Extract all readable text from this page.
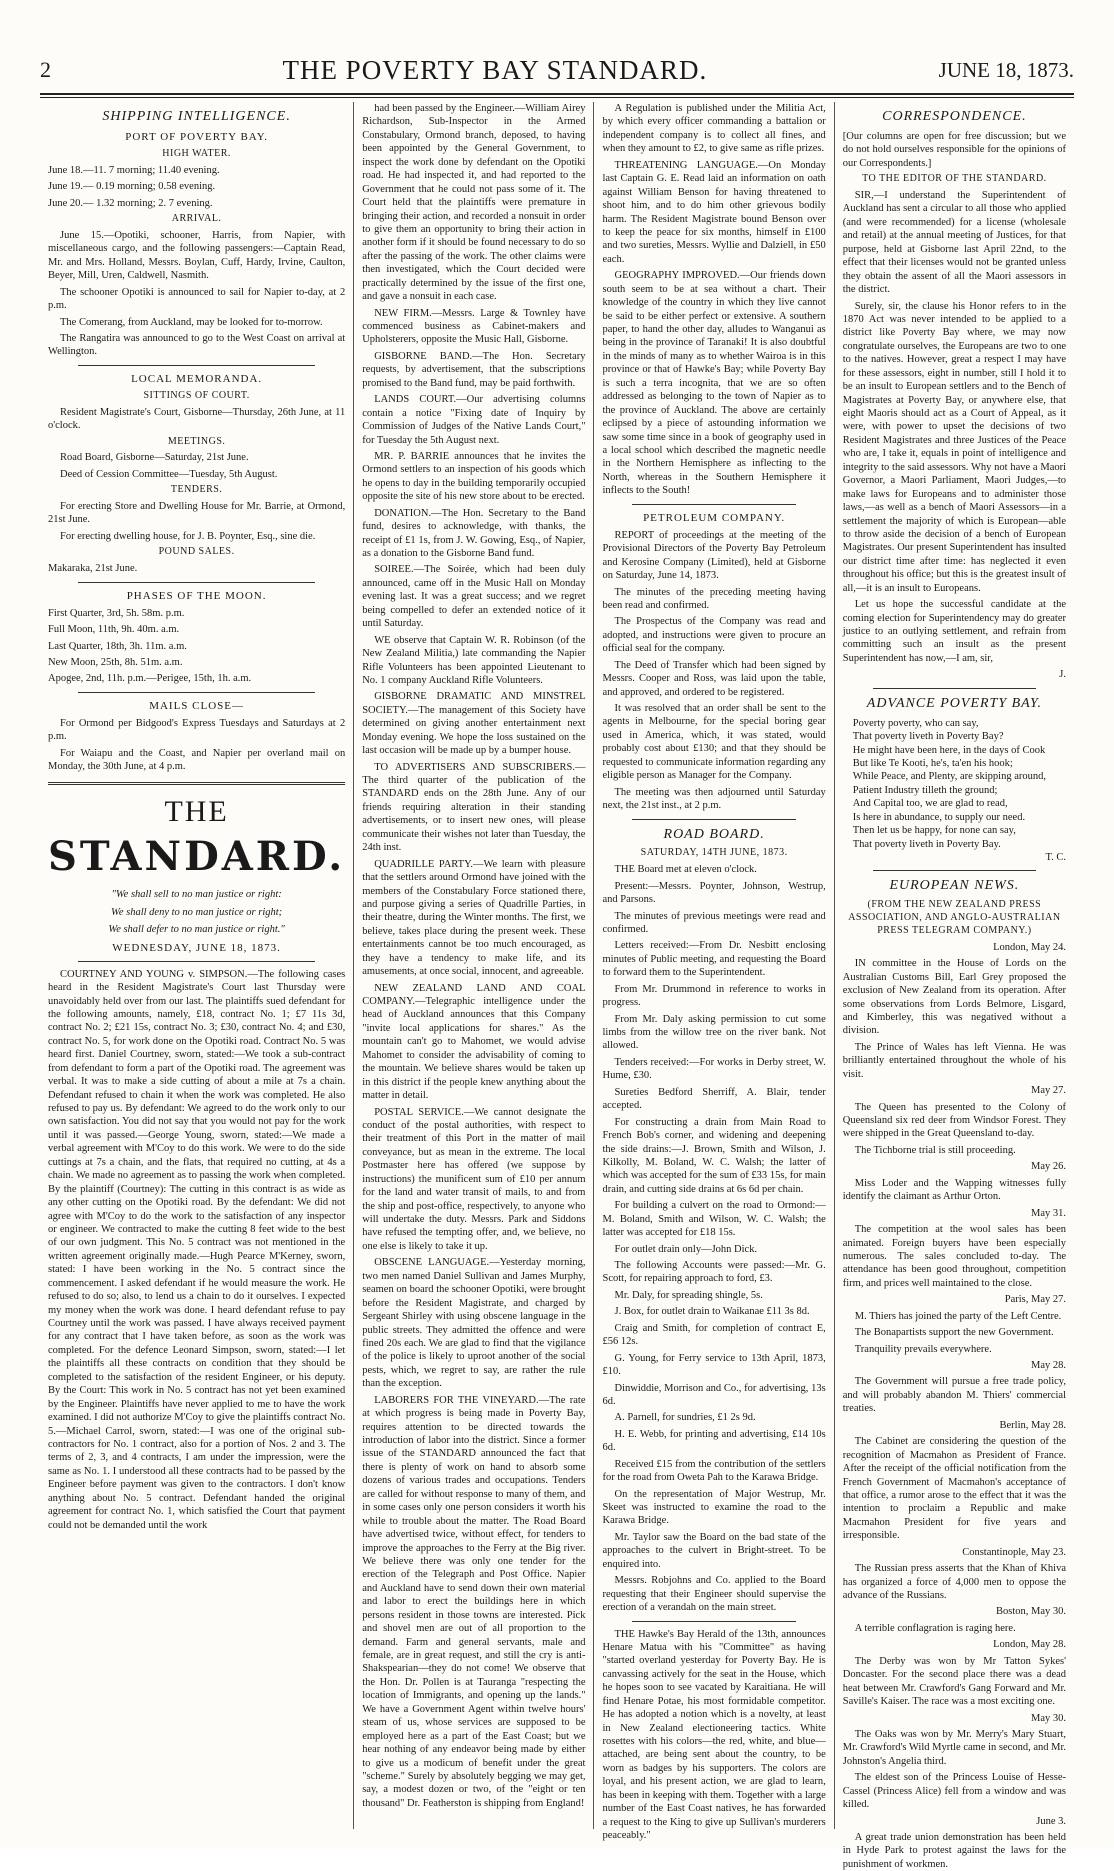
2	THE POVERTY BAY STANDARD.	JUNE 18, 1873.
SHIPPING INTELLIGENCE.
PORT OF POVERTY BAY.
HIGH WATER.

June 18.—11. 7 morning; 11.40 evening.

June 19.— 0.19 morning; 0.58 evening.

June 20.— 1.32 morning; 2. 7 evening.

ARRIVAL.

June 15.—Opotiki, schooner, Harris, from Napier, with miscellaneous cargo, and the following passengers:—Captain Read, Mr. and Mrs. Holland, Messrs. Boylan, Cuff, Hardy, Irvine, Caulton, Beyer, Mill, Uren, Caldwell, Nasmith.

The schooner Opotiki is announced to sail for Napier to-day, at 2 p.m.

The Comerang, from Auckland, may be looked for to-morrow.

The Rangatira was announced to go to the West Coast on arrival at Wellington.

LOCAL MEMORANDA.
SITTINGS OF COURT.

Resident Magistrate's Court, Gisborne—Thursday, 26th June, at 11 o'clock.

MEETINGS.

Road Board, Gisborne—Saturday, 21st June.

Deed of Cession Committee—Tuesday, 5th August.

TENDERS.

For erecting Store and Dwelling House for Mr. Barrie, at Ormond, 21st June.

For erecting dwelling house, for J. B. Poynter, Esq., sine die.

POUND SALES.

Makaraka, 21st June.

PHASES OF THE MOON.

First Quarter, 3rd, 5h. 58m. p.m.

Full Moon, 11th, 9h. 40m. a.m.

Last Quarter, 18th, 3h. 11m. a.m.

New Moon, 25th, 8h. 51m. a.m.

Apogee, 2nd, 11h. p.m.—Perigee, 15th, 1h. a.m.

MAILS CLOSE—

For Ormond per Bidgood's Express Tuesdays and Saturdays at 2 p.m.

For Waiapu and the Coast, and Napier per overland mail on Monday, the 30th June, at 4 p.m.

THE
STANDARD.
"We shall sell to no man justice or right:
We shall deny to no man justice or right;
We shall defer to no man justice or right."
WEDNESDAY, JUNE 18, 1873.

COURTNEY AND YOUNG v. SIMPSON.—The following cases heard in the Resident Magistrate's Court last Thursday were unavoidably held over from our last. The plaintiffs sued defendant for the following amounts, namely, £18, contract No. 1; £7 11s 3d, contract No. 2; £21 15s, contract No. 3; £30, contract No. 4; and £30, contract No. 5, for work done on the Opotiki road. Contract No. 5 was heard first. Daniel Courtney, sworn, stated:—We took a sub-contract from defendant to form a part of the Opotiki road. The agreement was verbal. It was to make a side cutting of about a mile at 7s a chain. Defendant refused to chain it when the work was completed. He also refused to pay us. By defendant: We agreed to do the work only to our own satisfaction. You did not say that you would not pay for the work until it was passed.—George Young, sworn, stated:—We made a verbal agreement with M'Coy to do this work. We were to do the side cuttings at 7s a chain, and the flats, that required no cutting, at 4s a chain. We made no agreement as to passing the work when completed. By the plaintiff (Courtney): The cutting in this contract is as wide as any other cutting on the Opotiki road. By the defendant: We did not agree with M'Coy to do the work to the satisfaction of any inspector or engineer. We contracted to make the cutting 8 feet wide to the best of our own judgment. This No. 5 contract was not mentioned in the written agreement originally made.—Hugh Pearce M'Kerney, sworn, stated: I have been working in the No. 5 contract since the commencement. I asked defendant if he would measure the work. He refused to do so; also, to lend us a chain to do it ourselves. I expected my money when the work was done. I heard defendant refuse to pay Courtney until the work was passed. I have always received payment for any contract that I have taken before, as soon as the work was completed. For the defence Leonard Simpson, sworn, stated:—I let the plaintiffs all these contracts on condition that they should be completed to the satisfaction of the resident Engineer, or his deputy. By the Court: This work in No. 5 contract has not yet been examined by the Engineer. Plaintiffs have never applied to me to have the work examined. I did not authorize M'Coy to give the plaintiffs contract No. 5.—Michael Carrol, sworn, stated:—I was one of the original sub-contractors for No. 1 contract, also for a portion of Nos. 2 and 3. The terms of 2, 3, and 4 contracts, I am under the impression, were the same as No. 1. I understood all these contracts had to be passed by the Engineer before payment was given to the contractors. I don't know anything about No. 5 contract. Defendant handed the original agreement for contract No. 1, which satisfied the Court that payment could not be demanded until the work

had been passed by the Engineer.—William Airey Richardson, Sub-Inspector in the Armed Constabulary, Ormond branch, deposed, to having been appointed by the General Government, to inspect the work done by defendant on the Opotiki road. He had inspected it, and had reported to the Government that he could not pass some of it. The Court held that the plaintiffs were premature in bringing their action, and recorded a nonsuit in order to give them an opportunity to bring their action in another form if it should be found necessary to do so after the passing of the work. The other claims were then investigated, which the Court decided were practically determined by the issue of the first one, and gave a nonsuit in each case.

NEW FIRM.—Messrs. Large & Townley have commenced business as Cabinet-makers and Upholsterers, opposite the Music Hall, Gisborne.

GISBORNE BAND.—The Hon. Secretary requests, by advertisement, that the subscriptions promised to the Band fund, may be paid forthwith.

LANDS COURT.—Our advertising columns contain a notice "Fixing date of Inquiry by Commission of Judges of the Native Lands Court," for Tuesday the 5th August next.

MR. P. BARRIE announces that he invites the Ormond settlers to an inspection of his goods which he opens to day in the building temporarily occupied opposite the site of his new store about to be erected.

DONATION.—The Hon. Secretary to the Band fund, desires to acknowledge, with thanks, the receipt of £1 1s, from J. W. Gowing, Esq., of Napier, as a donation to the Gisborne Band fund.

SOIREE.—The Soirée, which had been duly announced, came off in the Music Hall on Monday evening last. It was a great success; and we regret being compelled to defer an extended notice of it until Saturday.

WE observe that Captain W. R. Robinson (of the New Zealand Militia,) late commanding the Napier Rifle Volunteers has been appointed Lieutenant to No. 1 company Auckland Rifle Volunteers.

GISBORNE DRAMATIC AND MINSTREL SOCIETY.—The management of this Society have determined on giving another entertainment next Monday evening. We hope the loss sustained on the last occasion will be made up by a bumper house.

TO ADVERTISERS AND SUBSCRIBERS.—The third quarter of the publication of the STANDARD ends on the 28th June. Any of our friends requiring alteration in their standing advertisements, or to insert new ones, will please communicate their wishes not later than Tuesday, the 24th inst.

QUADRILLE PARTY.—We learn with pleasure that the settlers around Ormond have joined with the members of the Constabulary Force stationed there, and purpose giving a series of Quadrille Parties, in their theatre, during the Winter months. The first, we believe, takes place during the present week. These entertainments cannot be too much encouraged, as they have a tendency to make life, and its amusements, at once social, innocent, and agreeable.

NEW ZEALAND LAND AND COAL COMPANY.—Telegraphic intelligence under the head of Auckland announces that this Company "invite local applications for shares." As the mountain can't go to Mahomet, we would advise Mahomet to consider the advisability of coming to the mountain. We believe shares would be taken up in this district if the people knew anything about the matter in detail.

POSTAL SERVICE.—We cannot designate the conduct of the postal authorities, with respect to their treatment of this Port in the matter of mail conveyance, but as mean in the extreme. The local Postmaster here has offered (we suppose by instructions) the munificent sum of £10 per annum for the land and water transit of mails, to and from the ship and post-office, respectively, to anyone who will undertake the duty. Messrs. Park and Siddons have refused the tempting offer, and, we believe, no one else is likely to take it up.

OBSCENE LANGUAGE.—Yesterday morning, two men named Daniel Sullivan and James Murphy, seamen on board the schooner Opotiki, were brought before the Resident Magistrate, and charged by Sergeant Shirley with using obscene language in the public streets. They admitted the offence and were fined 20s each. We are glad to find that the vigilance of the police is likely to uproot another of the social pests, which, we regret to say, are rather the rule than the exception.

LABORERS FOR THE VINEYARD.—The rate at which progress is being made in Poverty Bay, requires attention to be directed towards the introduction of labor into the district. Since a former issue of the STANDARD announced the fact that there is plenty of work on hand to absorb some dozens of various trades and occupations. Tenders are called for without response to many of them, and in some cases only one person considers it worth his while to trouble about the matter. The Road Board have advertised twice, without effect, for tenders to improve the approaches to the Ferry at the Big river. We believe there was only one tender for the erection of the Telegraph and Post Office. Napier and Auckland have to send down their own material and labor to erect the buildings here in which persons resident in those towns are interested. Pick and shovel men are out of all proportion to the demand. Farm and general servants, male and female, are in great request, and still the cry is anti-Shakspearian—they do not come! We observe that the Hon. Dr. Pollen is at Tauranga "respecting the location of Immigrants, and opening up the lands." We have a Government Agent within twelve hours' steam of us, whose services are supposed to be employed here as a part of the East Coast; but we hear nothing of any endeavor being made by either to give us a modicum of benefit under the great "scheme." Surely by absolutely begging we may get, say, a modest dozen or two, of the "eight or ten thousand" Dr. Featherston is shipping from England!

A Regulation is published under the Militia Act, by which every officer commanding a battalion or independent company is to collect all fines, and when they amount to £2, to give same as rifle prizes.

THREATENING LANGUAGE.—On Monday last Captain G. E. Read laid an information on oath against William Benson for having threatened to shoot him, and to do him other grievous bodily harm. The Resident Magistrate bound Benson over to keep the peace for six months, himself in £100 and two sureties, Messrs. Wyllie and Dalziell, in £50 each.

GEOGRAPHY IMPROVED.—Our friends down south seem to be at sea without a chart. Their knowledge of the country in which they live cannot be said to be either perfect or extensive. A southern paper, to hand the other day, alludes to Wanganui as being in the province of Taranaki! It is also doubtful in the minds of many as to whether Wairoa is in this province or that of Hawke's Bay; while Poverty Bay is such a terra incognita, that we are so often addressed as belonging to the town of Napier as to the province of Auckland. The above are certainly eclipsed by a piece of astounding information we saw some time since in a book of geography used in a local school which described the magnetic needle in the Northern Hemisphere as inflecting to the North, whereas in the Southern Hemisphere it inflects to the South!

PETROLEUM COMPANY.

REPORT of proceedings at the meeting of the Provisional Directors of the Poverty Bay Petroleum and Kerosine Company (Limited), held at Gisborne on Saturday, June 14, 1873.

The minutes of the preceding meeting having been read and confirmed.

The Prospectus of the Company was read and adopted, and instructions were given to procure an official seal for the company.

The Deed of Transfer which had been signed by Messrs. Cooper and Ross, was laid upon the table, and approved, and ordered to be registered.

It was resolved that an order shall be sent to the agents in Melbourne, for the special boring gear used in America, which, it was stated, would probably cost about £130; and that they should be requested to communicate information regarding any eligible person as Manager for the Company.

The meeting was then adjourned until Saturday next, the 21st inst., at 2 p.m.

ROAD BOARD.
SATURDAY, 14TH JUNE, 1873.

THE Board met at eleven o'clock.

Present:—Messrs. Poynter, Johnson, Westrup, and Parsons.

The minutes of previous meetings were read and confirmed.

Letters received:—From Dr. Nesbitt enclosing minutes of Public meeting, and requesting the Board to forward them to the Superintendent.

From Mr. Drummond in reference to works in progress.

From Mr. Daly asking permission to cut some limbs from the willow tree on the river bank. Not allowed.

Tenders received:—For works in Derby street, W. Hume, £30.

Sureties Bedford Sherriff, A. Blair, tender accepted.

For constructing a drain from Main Road to French Bob's corner, and widening and deepening the side drains:—J. Brown, Smith and Wilson, J. Kilkolly, M. Boland, W. C. Walsh; the latter of which was accepted for the sum of £33 15s, for main drain, and cutting side drains at 6s 6d per chain.

For building a culvert on the road to Ormond:—M. Boland, Smith and Wilson, W. C. Walsh; the latter was accepted for £18 15s.

For outlet drain only—John Dick.

The following Accounts were passed:—Mr. G. Scott, for repairing approach to ford, £3.

Mr. Daly, for spreading shingle, 5s.

J. Box, for outlet drain to Waikanae £11 3s 8d.

Craig and Smith, for completion of contract E, £56 12s.

G. Young, for Ferry service to 13th April, 1873, £10.

Dinwiddie, Morrison and Co., for advertising, 13s 6d.

A. Parnell, for sundries, £1 2s 9d.

H. E. Webb, for printing and advertising, £14 10s 6d.

Received £15 from the contribution of the settlers for the road from Oweta Pah to the Karawa Bridge.

On the representation of Major Westrup, Mr. Skeet was instructed to examine the road to the Karawa Bridge.

Mr. Taylor saw the Board on the bad state of the approaches to the culvert in Bright-street. To be enquired into.

Messrs. Robjohns and Co. applied to the Board requesting that their Engineer should supervise the erection of a verandah on the main street.

THE Hawke's Bay Herald of the 13th, announces Henare Matua with his "Committee" as having "started overland yesterday for Poverty Bay. He is canvassing actively for the seat in the House, which he hopes soon to see vacated by Karaitiana. He will find Henare Potae, his most formidable competitor. He has adopted a notion which is a novelty, at least in New Zealand electioneering tactics. White rosettes with his colors—the red, white, and blue—attached, are being sent about the country, to be worn as badges by his supporters. The colors are loyal, and his present action, we are glad to learn, has been in keeping with them. Together with a large number of the East Coast natives, he has forwarded a request to the King to give up Sullivan's murderers peaceably."

CORRESPONDENCE.

[Our columns are open for free discussion; but we do not hold ourselves responsible for the opinions of our Correspondents.]

TO THE EDITOR OF THE STANDARD.

SIR,—I understand the Superintendent of Auckland has sent a circular to all those who applied (and were recommended) for a license (wholesale and retail) at the annual meeting of Justices, for that purpose, held at Gisborne last April 22nd, to the effect that their licenses would not be granted unless they obtain the assent of all the Maori assessors in the district.

Surely, sir, the clause his Honor refers to in the 1870 Act was never intended to be applied to a district like Poverty Bay where, we may now congratulate ourselves, the Europeans are two to one to the natives. However, great a respect I may have for these assessors, eight in number, still I hold it to be an insult to European settlers and to the Bench of Magistrates at Poverty Bay, or anywhere else, that eight Maoris should act as a Court of Appeal, as it were, with power to upset the decisions of two Resident Magistrates and three Justices of the Peace who are, I take it, equals in point of intelligence and integrity to the said assessors. Why not have a Maori Governor, a Maori Parliament, Maori Judges,—to make laws for Europeans and to administer those laws,—as well as a bench of Maori Assessors—in a settlement the majority of which is European—able to throw aside the decision of a bench of European Magistrates. Our present Superintendent has insulted our district time after time: has neglected it even throughout his office; but this is the greatest insult of all,—it is an insult to Europeans.

Let us hope the successful candidate at the coming election for Superintendency may do greater justice to an outlying settlement, and refrain from committing such an insult as the present Superintendent has now,—I am, sir,

J.

ADVANCE POVERTY BAY.

Poverty poverty, who can say,

That poverty liveth in Poverty Bay?

He might have been here, in the days of Cook

But like Te Kooti, he's, ta'en his hook;

While Peace, and Plenty, are skipping around,

Patient Industry tilleth the ground;

And Capital too, we are glad to read,

Is here in abundance, to supply our need.

Then let us be happy, for none can say,

That poverty liveth in Poverty Bay.

T. C.

EUROPEAN NEWS.
(FROM THE NEW ZEALAND PRESS ASSOCIATION, AND ANGLO-AUSTRALIAN PRESS TELEGRAM COMPANY.)

London, May 24.

IN committee in the House of Lords on the Australian Customs Bill, Earl Grey proposed the exclusion of New Zealand from its operation. After some observations from Lords Belmore, Lisgard, and Kimberley, this was negatived without a division.

The Prince of Wales has left Vienna. He was brilliantly entertained throughout the whole of his visit.

May 27.

The Queen has presented to the Colony of Queensland six red deer from Windsor Forest. They were shipped in the Great Queensland to-day.

The Tichborne trial is still proceeding.

May 26.

Miss Loder and the Wapping witnesses fully identify the claimant as Arthur Orton.

May 31.

The competition at the wool sales has been animated. Foreign buyers have been especially numerous. The sales concluded to-day. The attendance has been good throughout, competition firm, and prices well maintained to the close.

Paris, May 27.

M. Thiers has joined the party of the Left Centre.

The Bonapartists support the new Government.

Tranquility prevails everywhere.

May 28.

The Government will pursue a free trade policy, and will probably abandon M. Thiers' commercial treaties.

Berlin, May 28.

The Cabinet are considering the question of the recognition of Macmahon as President of France. After the receipt of the official notification from the French Government of Macmahon's acceptance of that office, a rumor arose to the effect that it was the intention to proclaim a Republic and make Macmahon President for five years and irresponsible.

Constantinople, May 23.

The Russian press asserts that the Khan of Khiva has organized a force of 4,000 men to oppose the advance of the Russians.

Boston, May 30.

A terrible conflagration is raging here.

London, May 28.

The Derby was won by Mr Tatton Sykes' Doncaster. For the second place there was a dead heat between Mr. Crawford's Gang Forward and Mr. Saville's Kaiser. The race was a most exciting one.

May 30.

The Oaks was won by Mr. Merry's Mary Stuart, Mr. Crawford's Wild Myrtle came in second, and Mr. Johnston's Angelia third.

The eldest son of the Princess Louise of Hesse-Cassel (Princess Alice) fell from a window and was killed.

June 3.

A great trade union demonstration has been held in Hyde Park to protest against the laws for the punishment of workmen.
